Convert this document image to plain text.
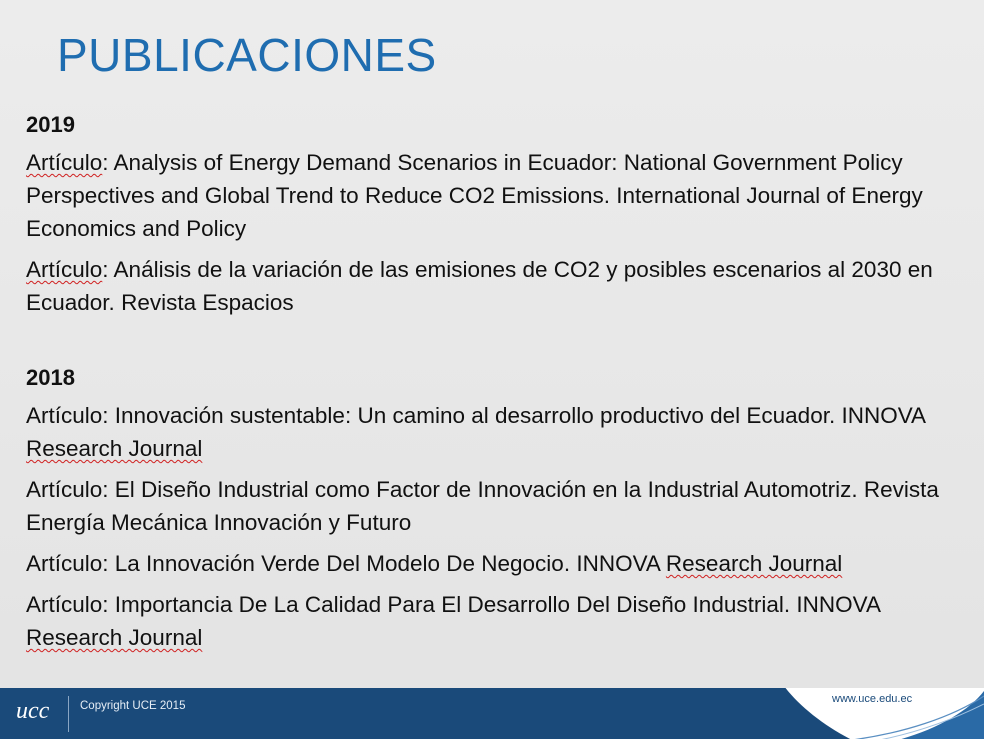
PUBLICACIONES
2019
Artículo: Analysis of Energy Demand Scenarios in Ecuador: National Government Policy Perspectives and Global Trend to Reduce CO2 Emissions. International Journal of Energy Economics and Policy
Artículo: Análisis de la variación de las emisiones de CO2 y posibles escenarios al 2030 en Ecuador. Revista Espacios
2018
Artículo: Innovación sustentable: Un camino al desarrollo productivo del Ecuador. INNOVA Research Journal
Artículo: El Diseño Industrial como Factor de Innovación en la Industrial Automotriz. Revista Energía Mecánica Innovación y Futuro
Artículo: La Innovación Verde Del Modelo De Negocio. INNOVA Research Journal
Artículo: Importancia De La Calidad Para El Desarrollo Del Diseño Industrial. INNOVA Research Journal
ucc	Copyright UCE 2015
www.uce.edu.ec
